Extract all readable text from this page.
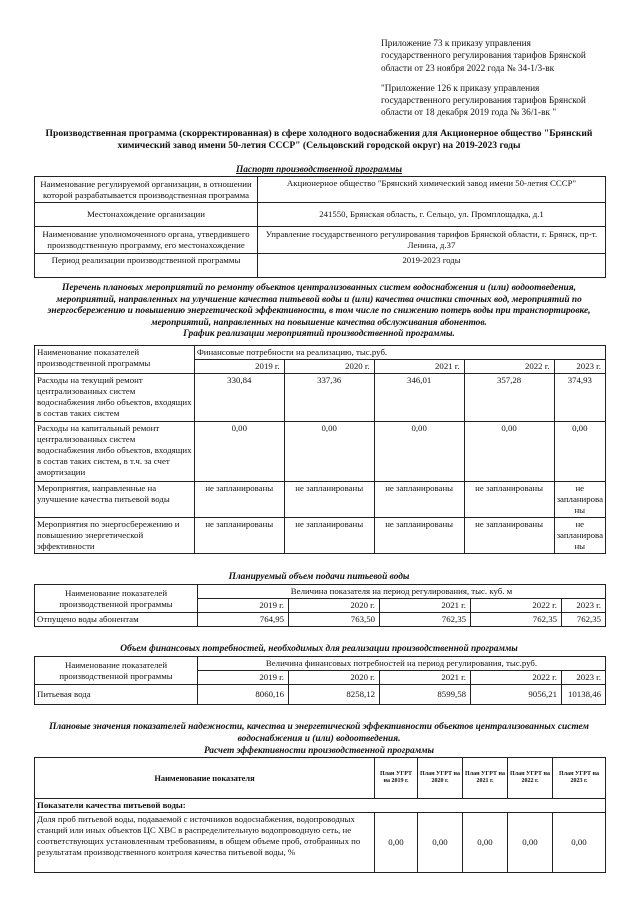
Приложение 73 к приказу управления
государственного регулирования тарифов Брянской
области от 23 ноября 2022 года № 34-1/3-вк
"Приложение 126 к приказу управления
государственного регулирования тарифов Брянской
области от 18 декабря 2019 года № 36/1-вк "
Производственная программа (скорректированная) в сфере холодного водоснабжения для Акционерное общество "Брянский
химический завод имени 50-летия СССР" (Сельцовский городской округ) на 2019-2023 годы
Паспорт производственной программы
Наименование регулируемой организации, в отношении которой разрабатывается производственная программа	Акционерное общество "Брянский химический завод имени 50-летия СССР"
Местонахождение организации	241550, Брянская область, г. Сельцо, ул. Промплощадка, д.1
Наименование уполномоченного органа, утвердившего производственную программу, его местонахождение	Управление государственного регулирования тарифов Брянской области, г. Брянск, пр-т. Ленина, д.37
Период реализации производственной программы	2019-2023 годы
Перечень плановых мероприятий по ремонту объектов централизованных систем водоснабжения и (или) водоотведения,
мероприятий, направленных на улучшение качества питьевой воды и (или) качества очистки сточных вод, мероприятий по
энергосбережению и повышению энергетической эффективности, в том числе по снижению потерь воды при транспортировке,
мероприятий, направленных на повышение качества обслуживания абонентов.
График реализации мероприятий производственной программы.
Наименование показателей производственной программы	Финансовые потребности на реализацию, тыс.руб.				
	2019 г.	2020 г.	2021 г.	2022 г.	2023 г.
Расходы на текущий ремонт централизованных систем водоснабжения либо объектов, входящих в состав таких систем	330,84	337,36	346,01	357,28	374,93
Расходы на капитальный ремонт централизованных систем водоснабжения либо объектов, входящих в состав таких систем, в т.ч. за счет амортизации	0,00	0,00	0,00	0,00	0,00
Мероприятия, направленные на улучшение качества питьевой воды	не запланированы	не запланированы	не запланированы	не запланированы	не запланирова ны
Мероприятия по энергосбережению и повышению энергетической эффективности	не запланированы	не запланированы	не запланированы	не запланированы	не запланирова ны
Планируемый объем подачи питьевой воды
Наименование показателей производственной программы	Величина показателя на период регулирования, тыс. куб. м				
	2019 г.	2020 г.	2021 г.	2022 г.	2023 г.
Отпущено воды абонентам	764,95	763,50	762,35	762,35	762,35
Объем финансовых потребностей, необходимых для реализации производственной программы
Наименование показателей производственной программы	Величина финансовых потребностей на период регулирования, тыс.руб.				
	2019 г.	2020 г.	2021 г.	2022 г.	2023 г.
Питьевая вода	8060,16	8258,12	8599,58	9056,21	10138,46
Плановые значения показателей надежности, качества и энергетической эффективности объектов централизованных систем
водоснабжения и (или) водоотведения.
Расчет эффективности производственной программы
Наименование показателя	План УГРТ на 2019 г.	План УГРТ на 2020 г.	План УГРТ на 2021 г.	План УГРТ на 2022 г.	План УГРТ на 2023 г.
Показатели качества питьевой воды:					
Доля проб питьевой воды, подаваемой с источников водоснабжения, водопроводных станций или иных объектов ЦС ХВС в распределительную водопроводную сеть, не соответствующих установленным требованиям, в общем объеме проб, отобранных по результатам производственного контроля качества питьевой воды, %	0,00	0,00	0,00	0,00	0,00
